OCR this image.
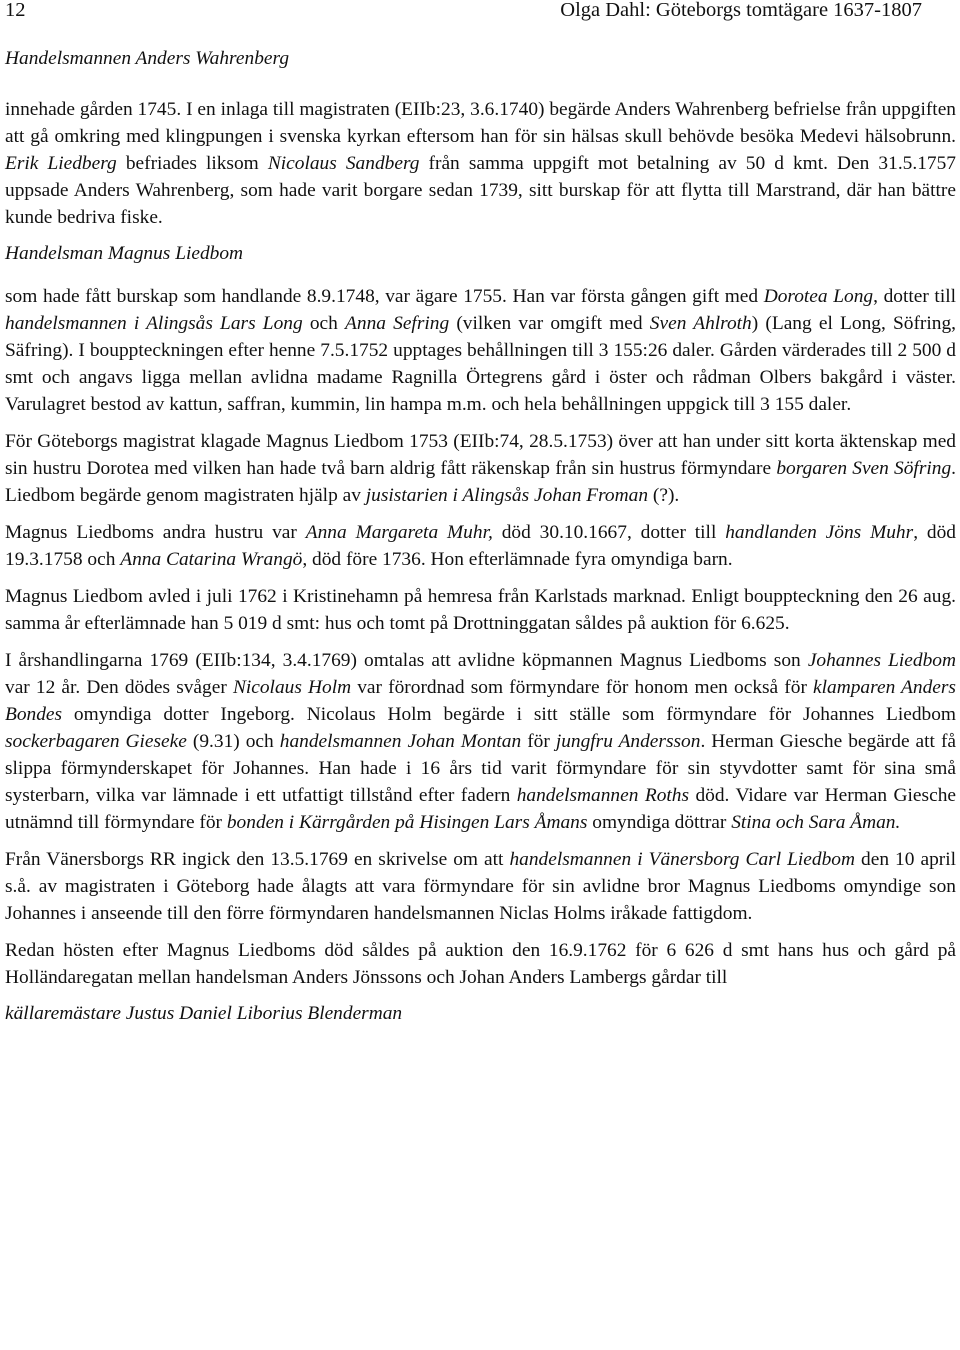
12	Olga Dahl: Göteborgs tomtägare 1637-1807
Handelsmannen Anders Wahrenberg

innehade gården 1745. I en inlaga till magistraten (EIIb:23, 3.6.1740) begärde Anders Wahrenberg befrielse från uppgiften att gå omkring med klingpungen i svenska kyrkan eftersom han för sin hälsas skull behövde besöka Medevi hälsobrunn. Erik Liedberg befriades liksom Nicolaus Sandberg från samma uppgift mot betalning av 50 d kmt. Den 31.5.1757 uppsade Anders Wahrenberg, som hade varit borgare sedan 1739, sitt burskap för att flytta till Marstrand, där han bättre kunde bedriva fiske.

Handelsman Magnus Liedbom

som hade fått burskap som handlande 8.9.1748, var ägare 1755. Han var första gången gift med Dorotea Long, dotter till handelsmannen i Alingsås Lars Long och Anna Sefring (vilken var omgift med Sven Ahlroth) (Lang el Long, Söfring, Säfring). I bouppteckningen efter henne 7.5.1752 upptages behållningen till 3 155:26 daler. Gården värderades till 2 500 d smt och angavs ligga mellan avlidna madame Ragnilla Örtegrens gård i öster och rådman Olbers bakgård i väster. Varulagret bestod av kattun, saffran, kummin, lin hampa m.m. och hela behållningen uppgick till 3 155 daler.

För Göteborgs magistrat klagade Magnus Liedbom 1753 (EIIb:74, 28.5.1753) över att han under sitt korta äktenskap med sin hustru Dorotea med vilken han hade två barn aldrig fått räkenskap från sin hustrus förmyndare borgaren Sven Söfring. Liedbom begärde genom magistraten hjälp av jusistarien i Alingsås Johan Froman (?).

Magnus Liedboms andra hustru var Anna Margareta Muhr, död 30.10.1667, dotter till handlanden Jöns Muhr, död 19.3.1758 och Anna Catarina Wrangö, död före 1736. Hon efterlämnade fyra omyndiga barn.

Magnus Liedbom avled i juli 1762 i Kristinehamn på hemresa från Karlstads marknad. Enligt bouppteckning den 26 aug. samma år efterlämnade han 5 019 d smt: hus och tomt på Drottninggatan såldes på auktion för 6.625.

I årshandlingarna 1769 (EIIb:134, 3.4.1769) omtalas att avlidne köpmannen Magnus Liedboms son Johannes Liedbom var 12 år. Den dödes svåger Nicolaus Holm var förordnad som förmyndare för honom men också för klamparen Anders Bondes omyndiga dotter Ingeborg. Nicolaus Holm begärde i sitt ställe som förmyndare för Johannes Liedbom sockerbagaren Gieseke (9.31) och handelsmannen Johan Montan för jungfru Andersson. Herman Giesche begärde att få slippa förmynderskapet för Johannes. Han hade i 16 års tid varit förmyndare för sin styvdotter samt för sina små systerbarn, vilka var lämnade i ett utfattigt tillstånd efter fadern handelsmannen Roths död. Vidare var Herman Giesche utnämnd till förmyndare för bonden i Kärrgården på Hisingen Lars Åmans omyndiga döttrar Stina och Sara Åman.

Från Vänersborgs RR ingick den 13.5.1769 en skrivelse om att handelsmannen i Vänersborg Carl Liedbom den 10 april s.å. av magistraten i Göteborg hade ålagts att vara förmyndare för sin avlidne bror Magnus Liedboms omyndige son Johannes i anseende till den förre förmyndaren handelsmannen Niclas Holms iråkade fattigdom.

Redan hösten efter Magnus Liedboms död såldes på auktion den 16.9.1762 för 6 626 d smt hans hus och gård på Holländaregatan mellan handelsman Anders Jönssons och Johan Anders Lambergs gårdar till

källaremästare Justus Daniel Liborius Blenderman
